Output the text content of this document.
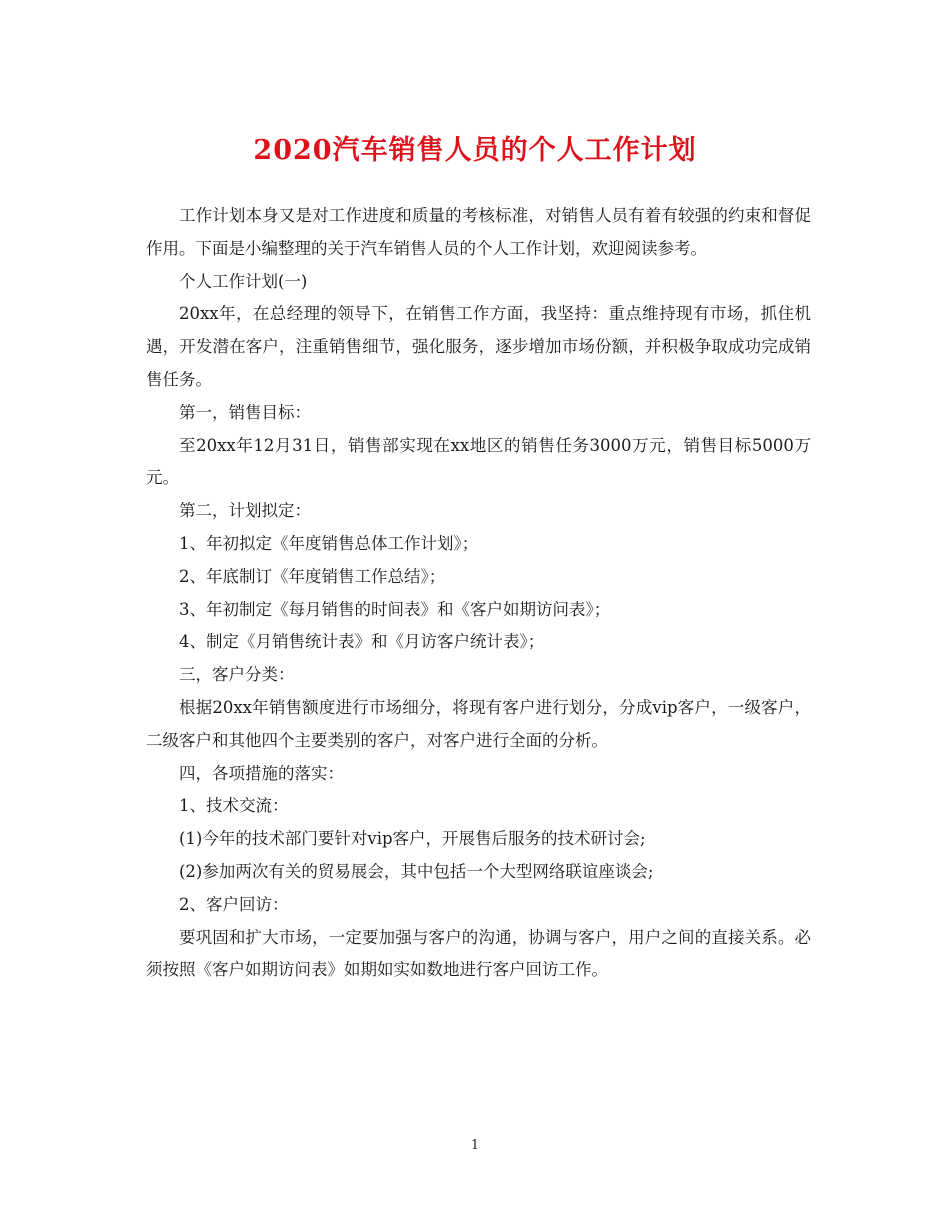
2020汽车销售人员的个人工作计划

工作计划本身又是对工作进度和质量的考核标准，对销售人员有着有较强的约束和督促作用。下面是小编整理的关于汽车销售人员的个人工作计划，欢迎阅读参考。

个人工作计划(一)

20xx年，在总经理的领导下，在销售工作方面，我坚持：重点维持现有市场，抓住机遇，开发潜在客户，注重销售细节，强化服务，逐步增加市场份额，并积极争取成功完成销售任务。

第一，销售目标：

至20xx年12月31日，销售部实现在xx地区的销售任务3000万元，销售目标5000万元。

第二，计划拟定：

1、年初拟定《年度销售总体工作计划》；

2、年底制订《年度销售工作总结》；

3、年初制定《每月销售的时间表》和《客户如期访问表》；

4、制定《月销售统计表》和《月访客户统计表》；

三，客户分类：

根据20xx年销售额度进行市场细分，将现有客户进行划分，分成vip客户，一级客户，二级客户和其他四个主要类别的客户，对客户进行全面的分析。

四，各项措施的落实：

1、技术交流：

(1)今年的技术部门要针对vip客户，开展售后服务的技术研讨会;

(2)参加两次有关的贸易展会，其中包括一个大型网络联谊座谈会;

2、客户回访：

要巩固和扩大市场，一定要加强与客户的沟通，协调与客户，用户之间的直接关系。必须按照《客户如期访问表》如期如实如数地进行客户回访工作。

1
